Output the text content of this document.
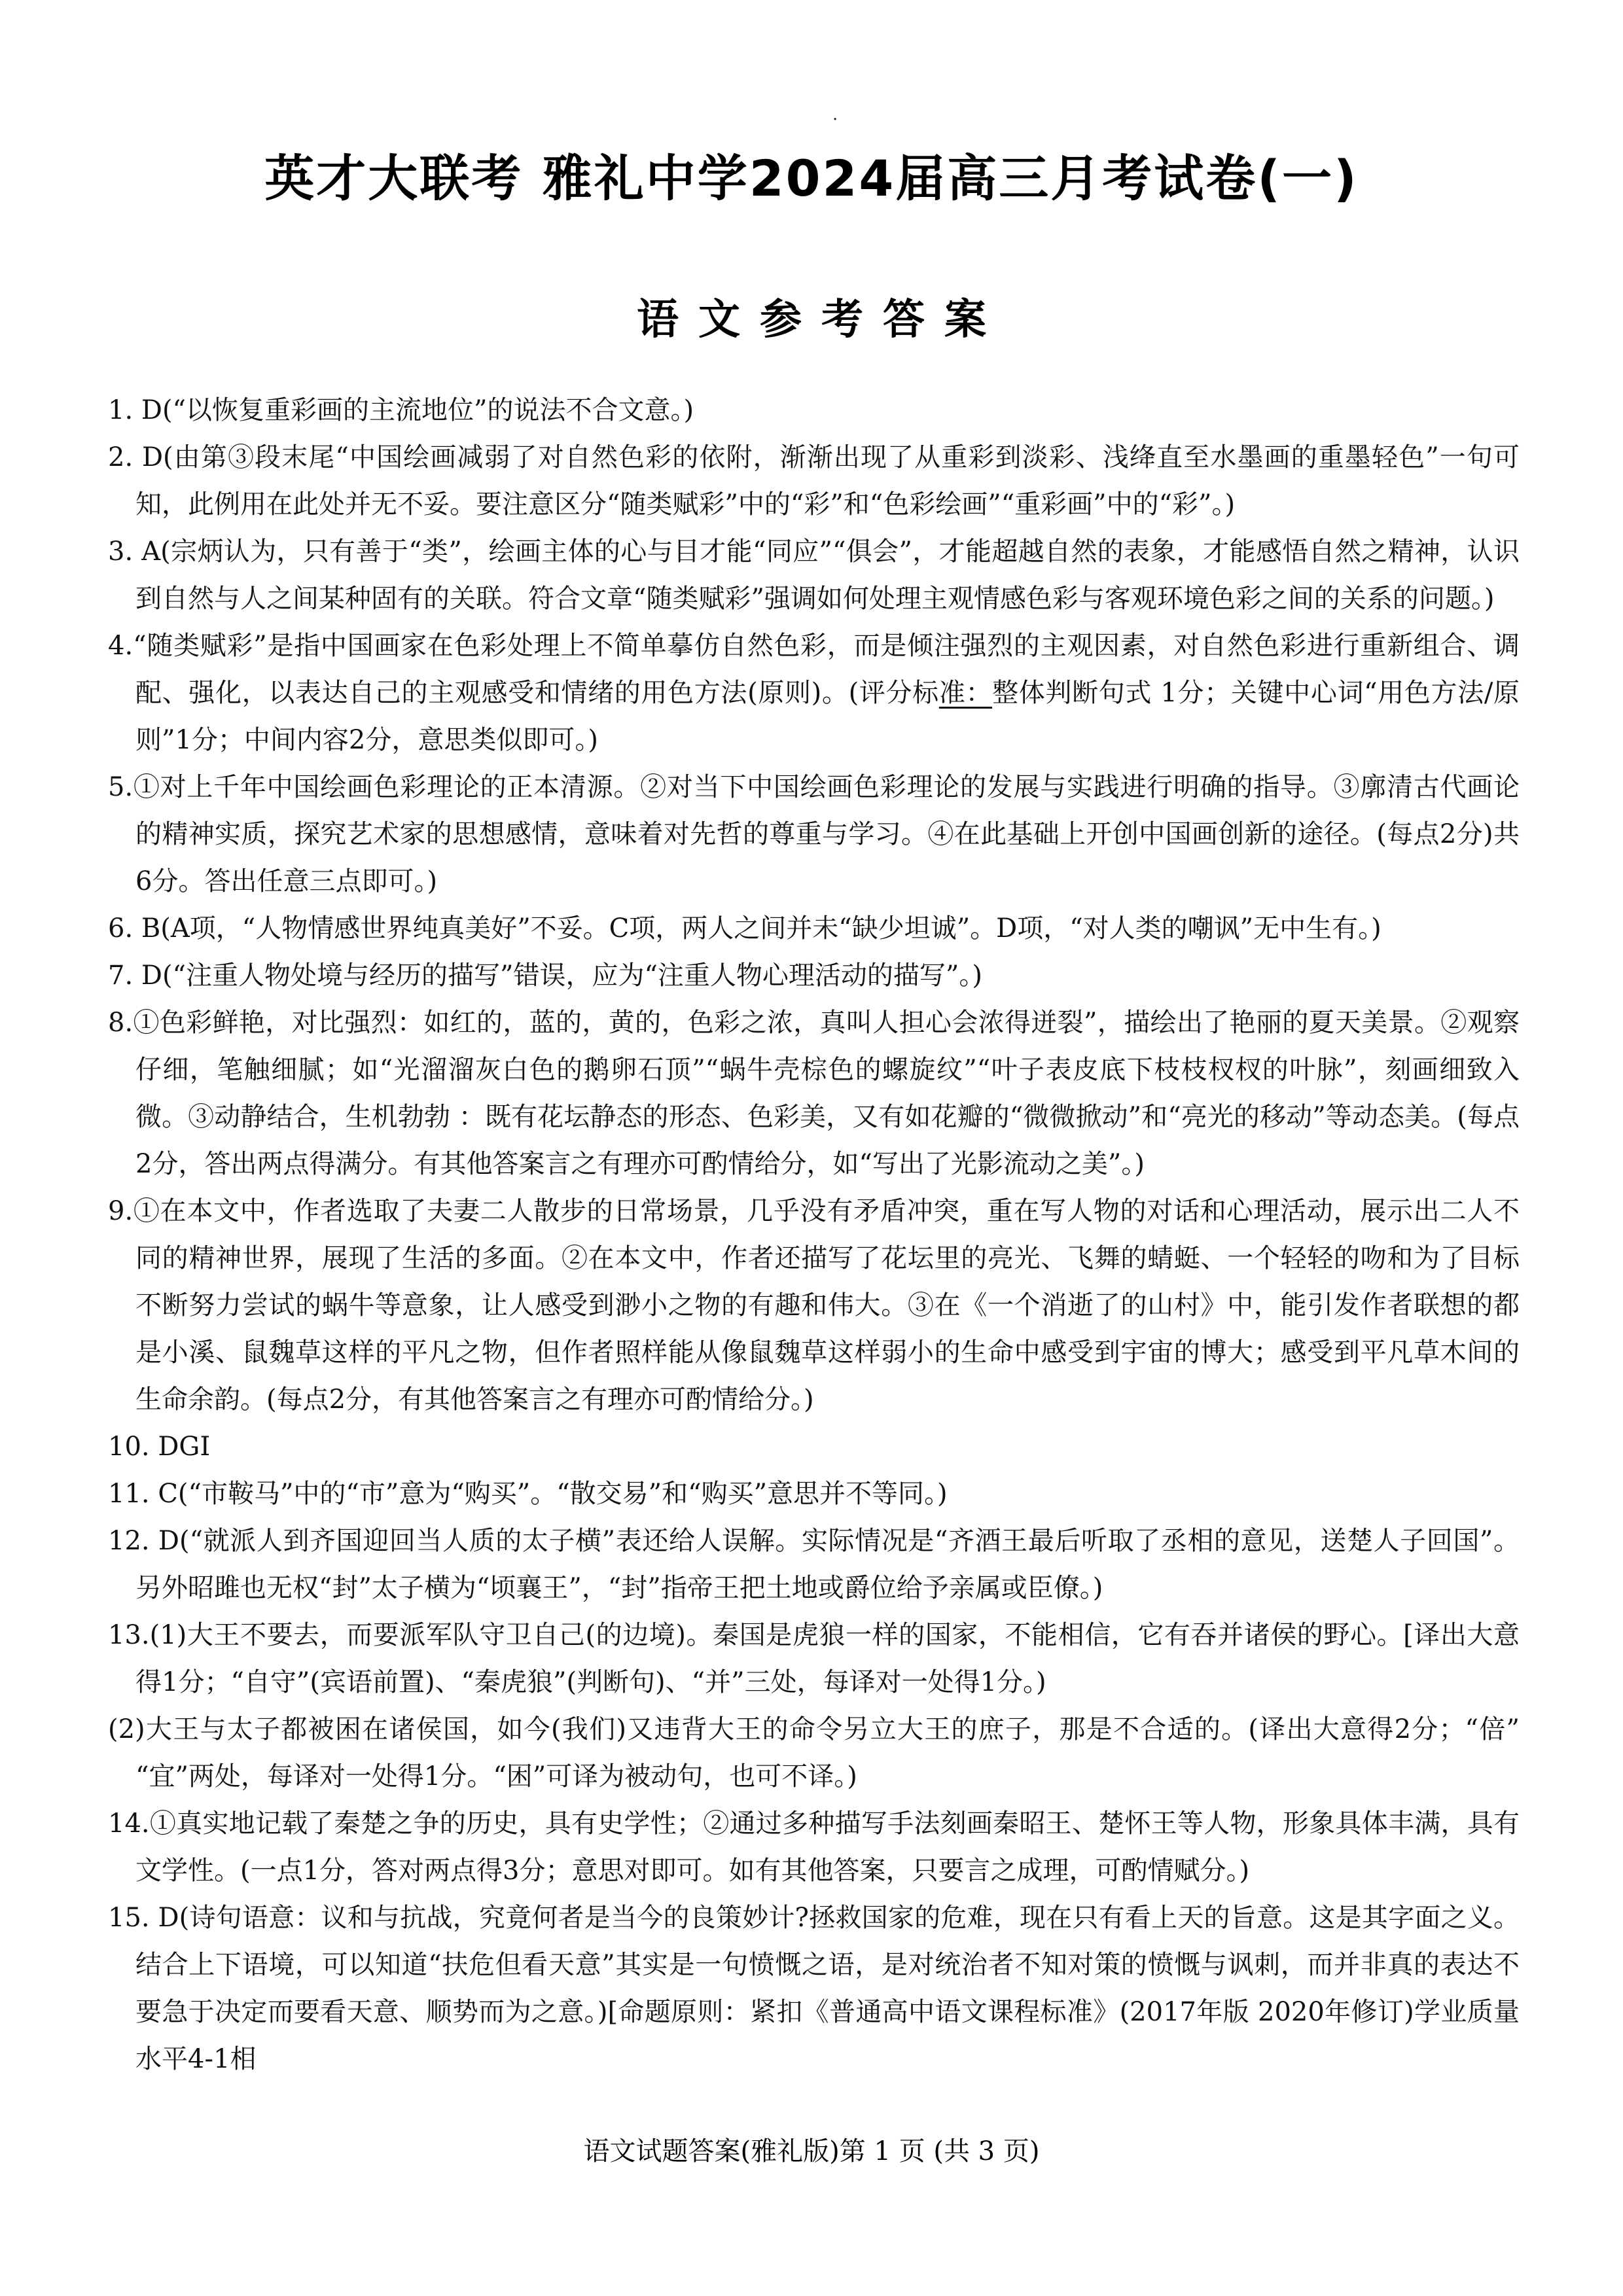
·
英才大联考 雅礼中学2024届高三月考试卷(一)
语文参考答案

1. D(“以恢复重彩画的主流地位”的说法不合文意。)

2. D(由第③段末尾“中国绘画减弱了对自然色彩的依附，渐渐出现了从重彩到淡彩、浅绛直至水墨画的重墨轻色”一句可知，此例用在此处并无不妥。要注意区分“随类赋彩”中的“彩”和“色彩绘画”“重彩画”中的“彩”。)

3. A(宗炳认为，只有善于“类”，绘画主体的心与目才能“同应”“俱会”，才能超越自然的表象，才能感悟自然之精神，认识到自然与人之间某种固有的关联。符合文章“随类赋彩”强调如何处理主观情感色彩与客观环境色彩之间的关系的问题。)

4.“随类赋彩”是指中国画家在色彩处理上不简单摹仿自然色彩，而是倾注强烈的主观因素，对自然色彩进行重新组合、调配、强化，以表达自己的主观感受和情绪的用色方法(原则)。(评分标准：整体判断句式 1分；关键中心词“用色方法/原则”1分；中间内容2分，意思类似即可。)

5.①对上千年中国绘画色彩理论的正本清源。②对当下中国绘画色彩理论的发展与实践进行明确的指导。③廓清古代画论的精神实质，探究艺术家的思想感情，意味着对先哲的尊重与学习。④在此基础上开创中国画创新的途径。(每点2分)共6分。答出任意三点即可。)

6. B(A项，“人物情感世界纯真美好”不妥。C项，两人之间并未“缺少坦诚”。D项，“对人类的嘲讽”无中生有。)

7. D(“注重人物处境与经历的描写”错误，应为“注重人物心理活动的描写”。)

8.①色彩鲜艳，对比强烈：如红的，蓝的，黄的，色彩之浓，真叫人担心会浓得迸裂”，描绘出了艳丽的夏天美景。②观察仔细，笔触细腻；如“光溜溜灰白色的鹅卵石顶”“蜗牛壳棕色的螺旋纹”“叶子表皮底下枝枝杈杈的叶脉”，刻画细致入微。③动静结合，生机勃勃 ：既有花坛静态的形态、色彩美，又有如花瓣的“微微掀动”和“亮光的移动”等动态美。(每点2分，答出两点得满分。有其他答案言之有理亦可酌情给分，如“写出了光影流动之美”。)

9.①在本文中，作者选取了夫妻二人散步的日常场景，几乎没有矛盾冲突，重在写人物的对话和心理活动，展示出二人不同的精神世界，展现了生活的多面。②在本文中，作者还描写了花坛里的亮光、飞舞的蜻蜓、一个轻轻的吻和为了目标不断努力尝试的蜗牛等意象，让人感受到渺小之物的有趣和伟大。③在《一个消逝了的山村》中，能引发作者联想的都是小溪、鼠魏草这样的平凡之物，但作者照样能从像鼠魏草这样弱小的生命中感受到宇宙的博大；感受到平凡草木间的生命余韵。(每点2分，有其他答案言之有理亦可酌情给分。)

10. DGI

11. C(“市鞍马”中的“市”意为“购买”。“散交易”和“购买”意思并不等同。)

12. D(“就派人到齐国迎回当人质的太子横”表还给人误解。实际情况是“齐酒王最后听取了丞相的意见，送楚人子回国”。另外昭雎也无权“封”太子横为“顷襄王”，“封”指帝王把土地或爵位给予亲属或臣僚。)

13.(1)大王不要去，而要派军队守卫自己(的边境)。秦国是虎狼一样的国家，不能相信，它有吞并诸侯的野心。[译出大意得1分；“自守”(宾语前置)、“秦虎狼”(判断句)、“并”三处，每译对一处得1分。)

(2)大王与太子都被困在诸侯国，如今(我们)又违背大王的命令另立大王的庶子，那是不合适的。(译出大意得2分；“倍”“宜”两处，每译对一处得1分。“困”可译为被动句，也可不译。)

14.①真实地记载了秦楚之争的历史，具有史学性；②通过多种描写手法刻画秦昭王、楚怀王等人物，形象具体丰满，具有文学性。(一点1分，答对两点得3分；意思对即可。如有其他答案，只要言之成理，可酌情赋分。)

15. D(诗句语意：议和与抗战，究竟何者是当今的良策妙计?拯救国家的危难，现在只有看上天的旨意。这是其字面之义。结合上下语境，可以知道“扶危但看天意”其实是一句愤慨之语，是对统治者不知对策的愤慨与讽刺，而并非真的表达不要急于决定而要看天意、顺势而为之意。)[命题原则：紧扣《普通高中语文课程标准》(2017年版 2020年修订)学业质量水平4-1相

语文试题答案(雅礼版)第 1 页 (共 3 页)
